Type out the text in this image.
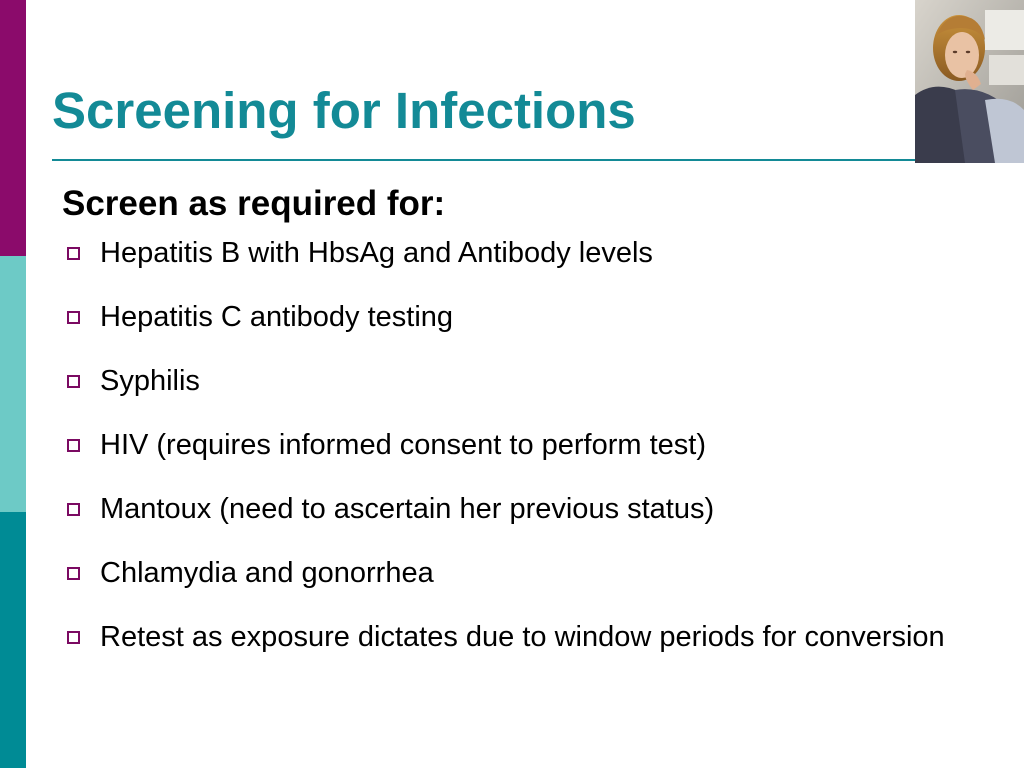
Screening for Infections
Screen as required for:
Hepatitis B with HbsAg and Antibody levels
Hepatitis C antibody testing
Syphilis
HIV (requires informed consent to perform test)
Mantoux (need to ascertain her previous status)
Chlamydia and gonorrhea
Retest as exposure dictates due to window periods for conversion
